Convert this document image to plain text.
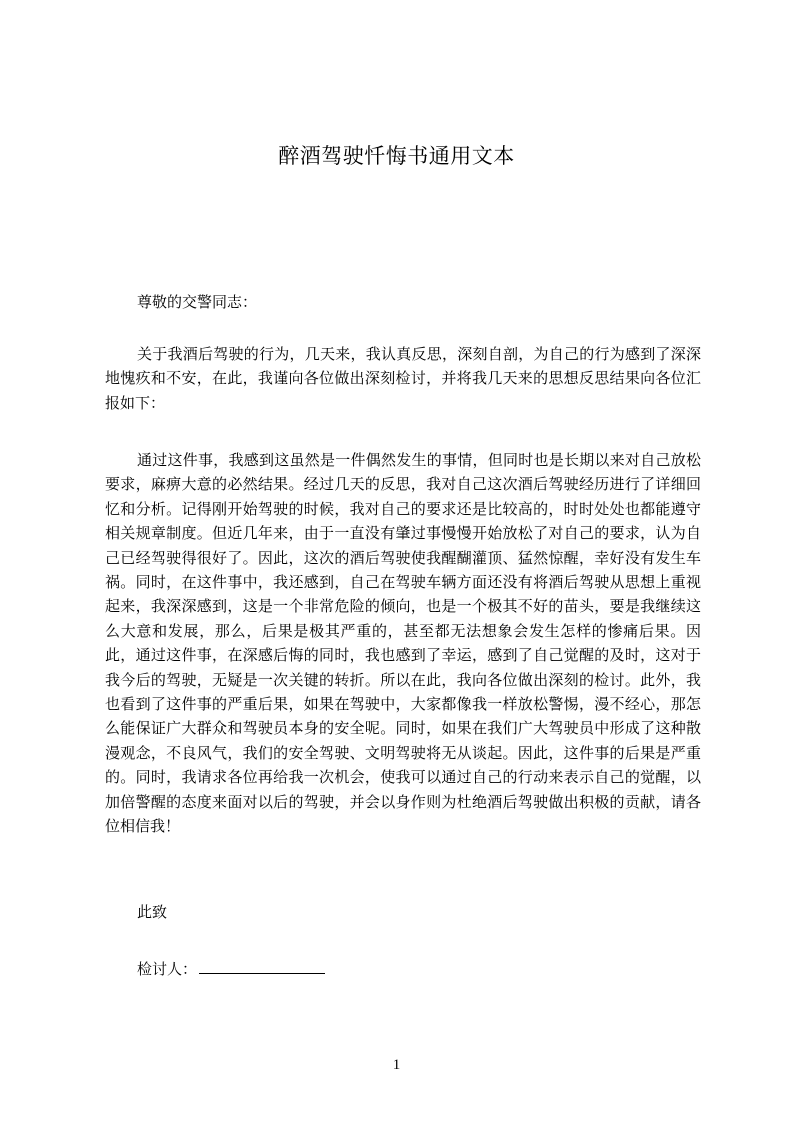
醉酒驾驶忏悔书通用文本

尊敬的交警同志：

关于我酒后驾驶的行为，几天来，我认真反思，深刻自剖，为自己的行为感到了深深地愧疚和不安，在此，我谨向各位做出深刻检讨，并将我几天来的思想反思结果向各位汇报如下：

通过这件事，我感到这虽然是一件偶然发生的事情，但同时也是长期以来对自己放松要求，麻痹大意的必然结果。经过几天的反思，我对自己这次酒后驾驶经历进行了详细回忆和分析。记得刚开始驾驶的时候，我对自己的要求还是比较高的，时时处处也都能遵守相关规章制度。但近几年来，由于一直没有肇过事慢慢开始放松了对自己的要求，认为自己已经驾驶得很好了。因此，这次的酒后驾驶使我醒醐灌顶、猛然惊醒，幸好没有发生车祸。同时，在这件事中，我还感到，自己在驾驶车辆方面还没有将酒后驾驶从思想上重视起来，我深深感到，这是一个非常危险的倾向，也是一个极其不好的苗头，要是我继续这么大意和发展，那么，后果是极其严重的，甚至都无法想象会发生怎样的惨痛后果。因此，通过这件事，在深感后悔的同时，我也感到了幸运，感到了自己觉醒的及时，这对于我今后的驾驶，无疑是一次关键的转折。所以在此，我向各位做出深刻的检讨。此外，我也看到了这件事的严重后果，如果在驾驶中，大家都像我一样放松警惕，漫不经心，那怎么能保证广大群众和驾驶员本身的安全呢。同时，如果在我们广大驾驶员中形成了这种散漫观念，不良风气，我们的安全驾驶、文明驾驶将无从谈起。因此，这件事的后果是严重的。同时，我请求各位再给我一次机会，使我可以通过自己的行动来表示自己的觉醒，以加倍警醒的态度来面对以后的驾驶，并会以身作则为杜绝酒后驾驶做出积极的贡献，请各位相信我！

此致

检讨人：

1
